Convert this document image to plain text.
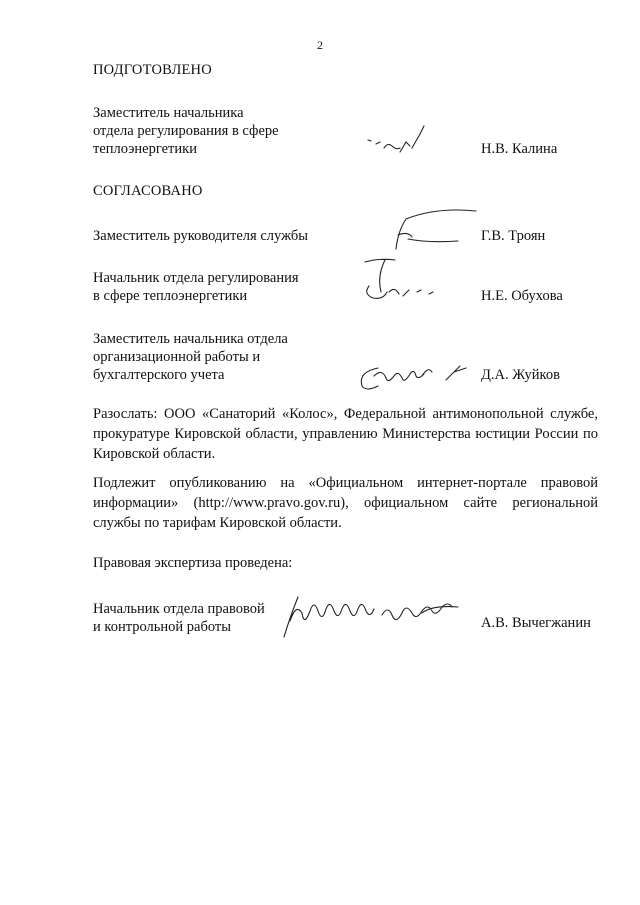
2
ПОДГОТОВЛЕНО
Заместитель начальника
отдела регулирования в сфере
теплоэнергетики	Н.В. Калина
СОГЛАСОВАНО
Заместитель руководителя службы	Г.В. Троян
Начальник отдела регулирования
в сфере теплоэнергетики	Н.Е. Обухова
Заместитель начальника отдела
организационной работы и
бухгалтерского учета	Д.А. Жуйков
Разослать: ООО «Санаторий «Колос», Федеральной антимонопольной службе, прокуратуре Кировской области, управлению Министерства юстиции России по Кировской области.
Подлежит опубликованию на «Официальном интернет-портале правовой информации» (http://www.pravo.gov.ru), официальном сайте региональной службы по тарифам Кировской области.
Правовая экспертиза проведена:
Начальник отдела правовой
и контрольной работы	А.В. Вычегжанин
